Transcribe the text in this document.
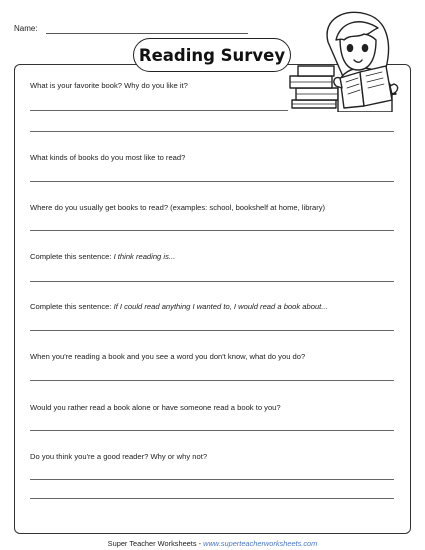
Name:
Reading Survey
What is your favorite book? Why do you like it?
What kinds of books do you most like to read?
Where do you usually get books to read? (examples: school, bookshelf at home, library)
Complete this sentence: I think reading is...
Complete this sentence: If I could read anything I wanted to, I would read a book about...
When you're reading a book and you see a word you don't know, what do you do?
Would you rather read a book alone or have someone read a book to you?
Do you think you're a good reader? Why or why not?
Super Teacher Worksheets - www.superteacherworksheets.com
